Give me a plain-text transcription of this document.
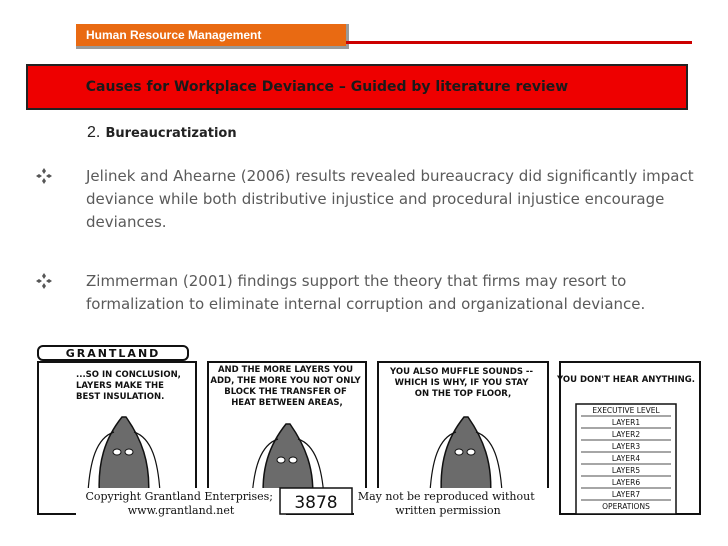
Human Resource Management
Causes for Workplace Deviance – Guided by literature review
2. Bureaucratization
Jelinek and Ahearne (2006) results revealed bureaucracy did significantly impact deviance while both distributive injustice and procedural injustice encourage deviances.
Zimmerman (2001) findings support the theory that firms may resort to formalization to eliminate internal corruption and organizational deviance.
GRANTLAND
...SO IN CONCLUSION, LAYERS MAKE THE BEST INSULATION.
AND THE MORE LAYERS YOU ADD, THE MORE YOU NOT ONLY BLOCK THE TRANSFER OF HEAT BETWEEN AREAS,
YOU ALSO MUFFLE SOUNDS -- WHICH IS WHY, IF YOU STAY ON THE TOP FLOOR,
YOU DON'T HEAR ANYTHING.
EXECUTIVE LEVEL
LAYER1
LAYER2
LAYER3
LAYER4
LAYER5
LAYER6
LAYER7
OPERATIONS
Copyright Grantland Enterprises; www.grantland.net	3878 May not be reproduced without written permission
